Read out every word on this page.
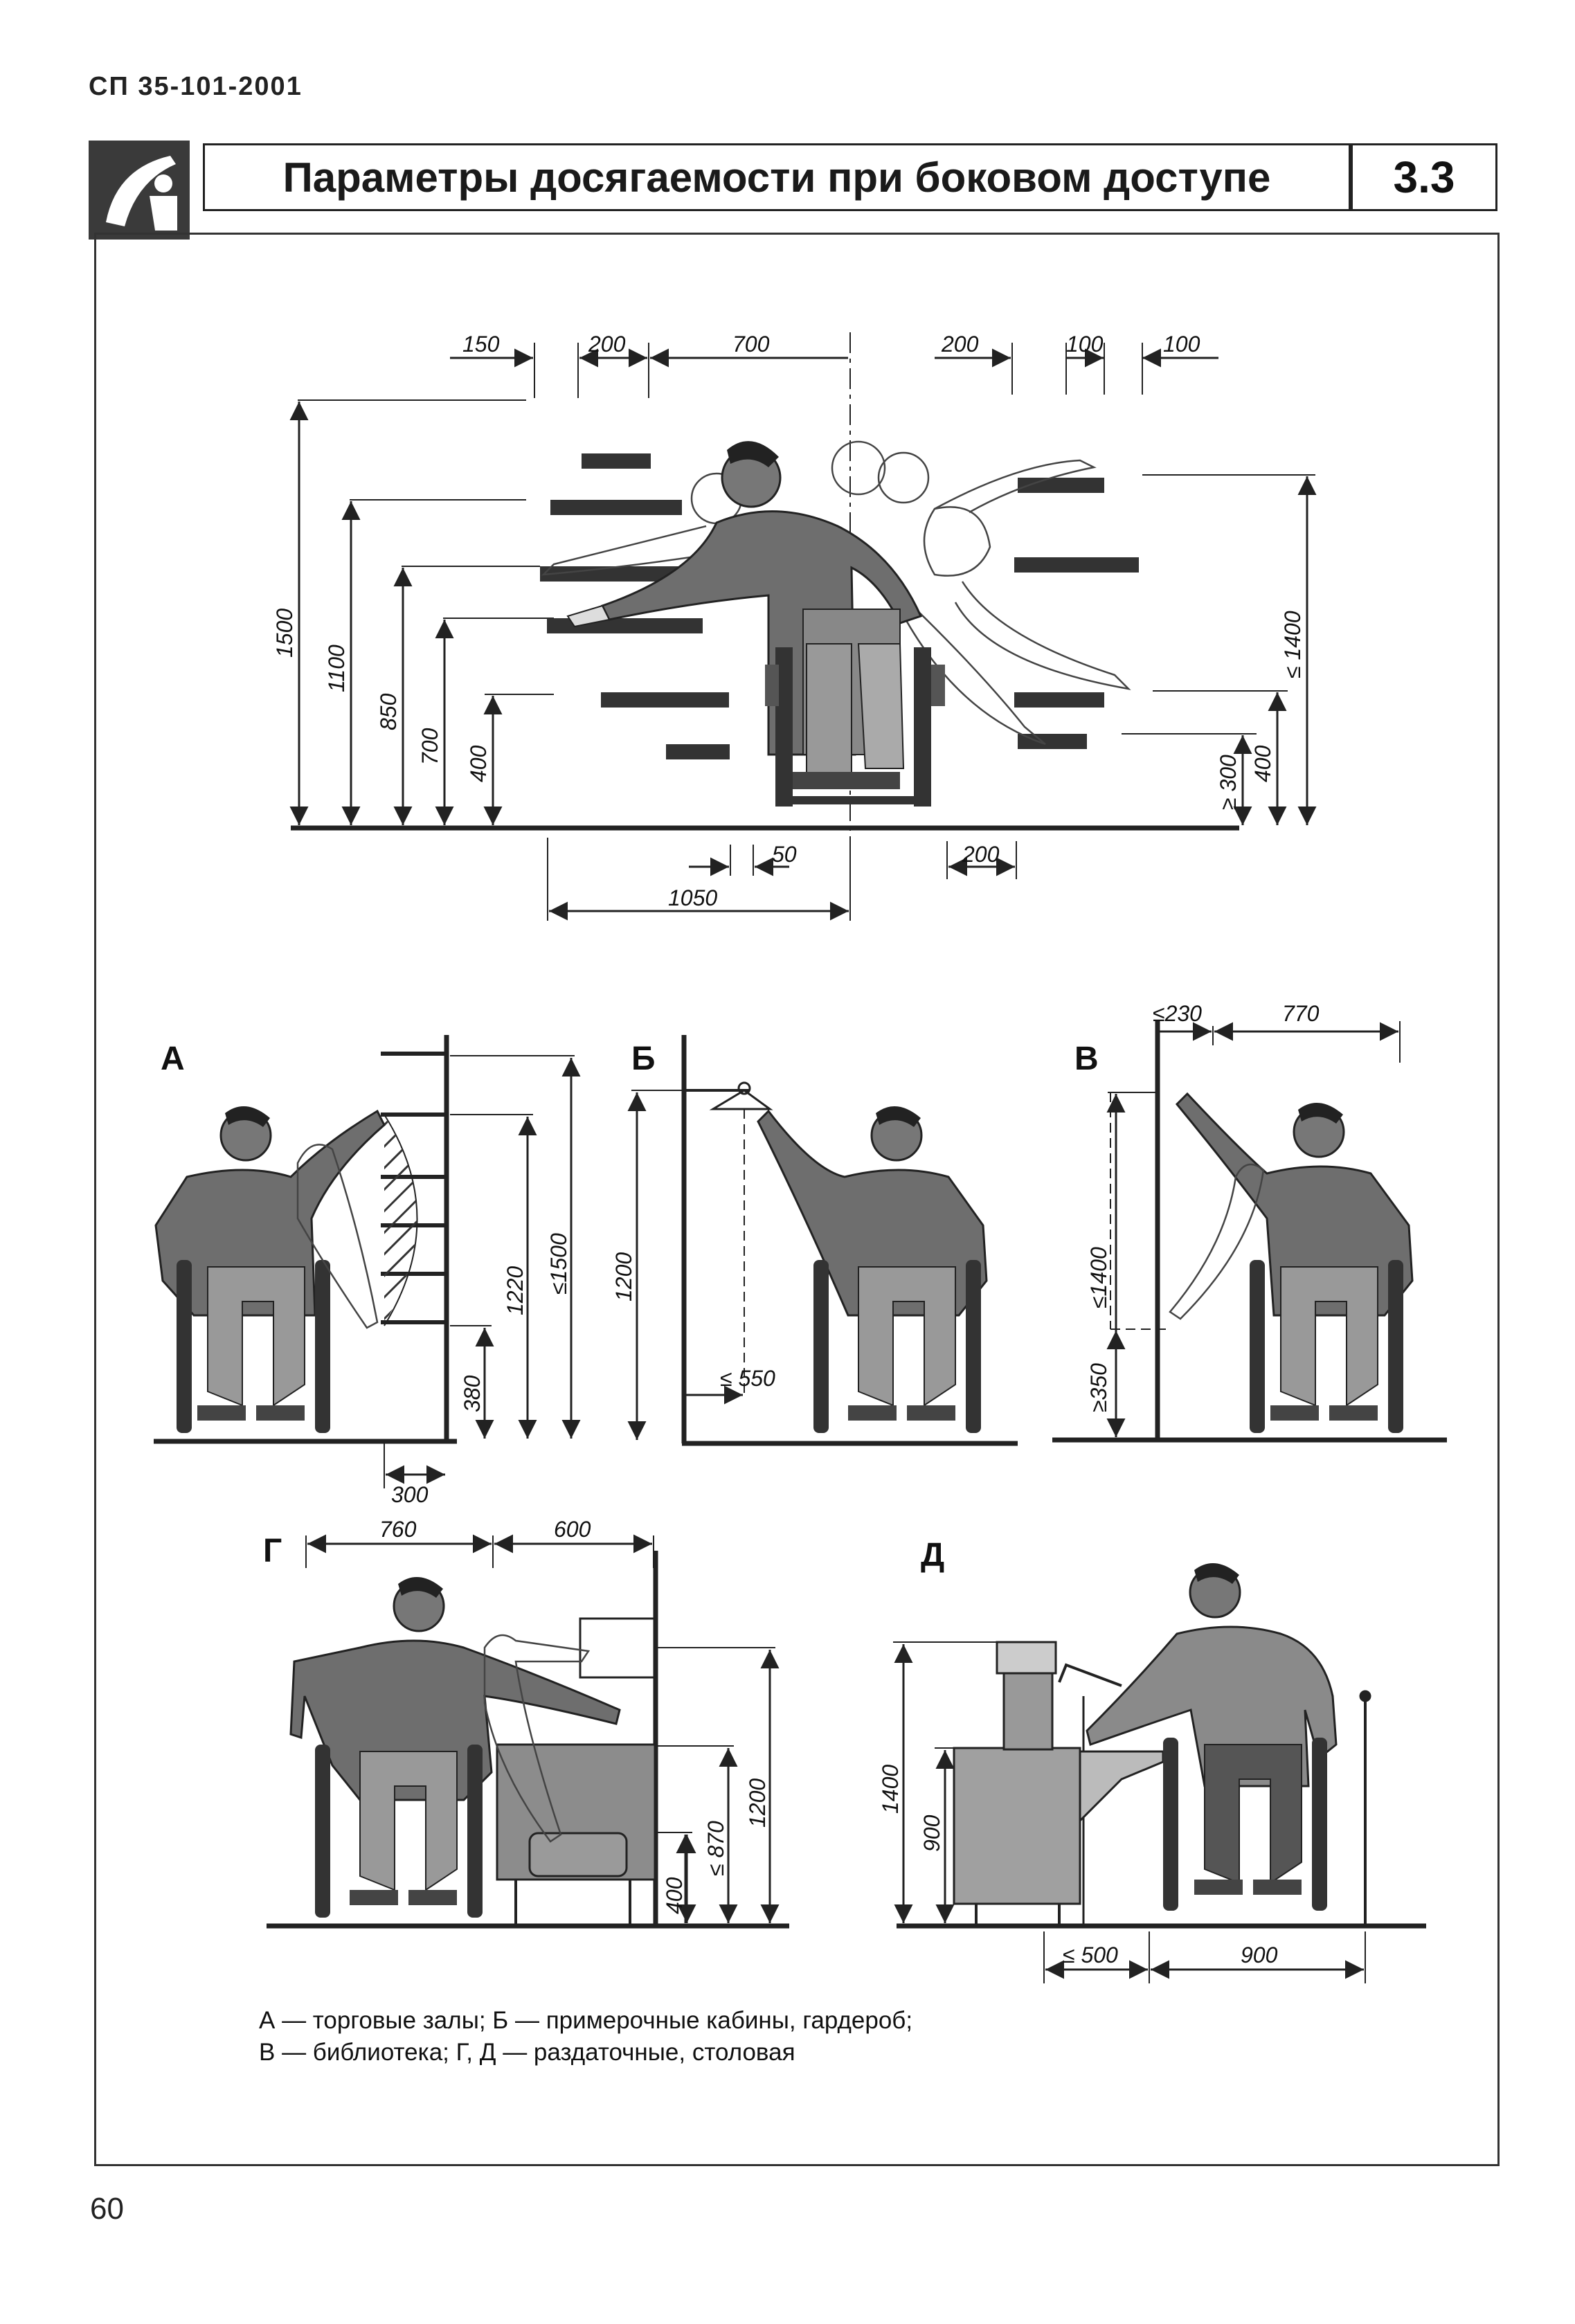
СП 35-101-2001
Параметры досягаемости при боковом доступе	3.3
150	200	700	200	100	100
1500
1100
850
700 400
50	200
1050
≥ 300 400
≤ 1400
А
1220 ≤1500
380
300
Б
1200
≤ 550
В
≤230	770
≤1400
≥350
Г
760	600
1200
≤ 870
400
Д
1400
900
≤ 500	900
А — торговые залы; Б — примерочные кабины, гардероб;
В — библиотека; Г, Д — раздаточные, столовая
60
